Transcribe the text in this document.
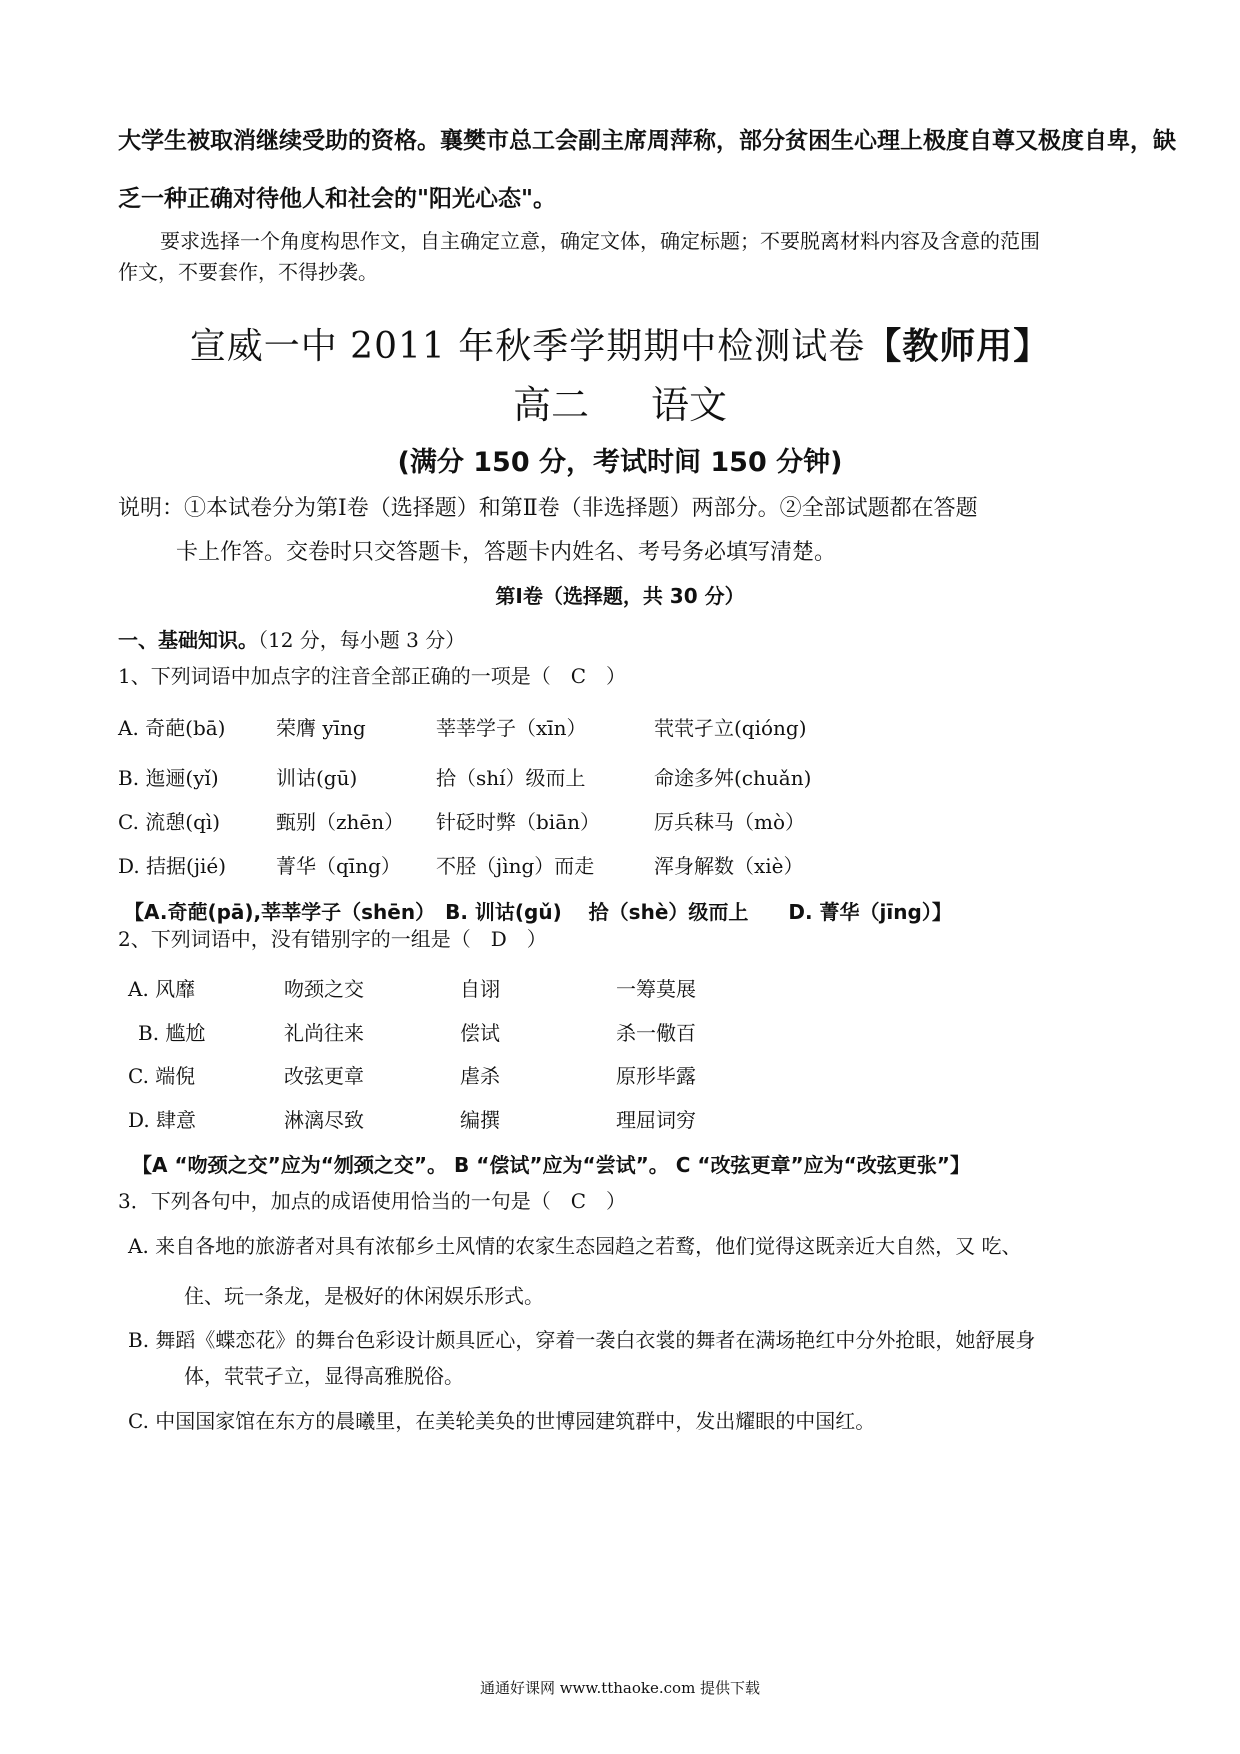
大学生被取消继续受助的资格。襄樊市总工会副主席周萍称，部分贫困生心理上极度自尊又极度自卑，缺
乏一种正确对待他人和社会的"阳光心态"。
要求选择一个角度构思作文，自主确定立意，确定文体，确定标题；不要脱离材料内容及含意的范围
作文，不要套作，不得抄袭。
宣威一中 2011 年秋季学期期中检测试卷【教师用】
高二 语文
(满分 150 分，考试时间 150 分钟)
说明：①本试卷分为第Ⅰ卷（选择题）和第Ⅱ卷（非选择题）两部分。②全部试题都在答题
卡上作答。交卷时只交答题卡，答题卡内姓名、考号务必填写清楚。
第Ⅰ卷（选择题，共 30 分）
一、基础知识。（12 分，每小题 3 分）
1、下列词语中加点字的注音全部正确的一项是（　C　）
A. 奇葩(bā)	荣膺 yīng	莘莘学子（xīn）	茕茕孑立(qióng)
B. 迤逦(yǐ)	训诂(gū)	拾（shí）级而上	命途多舛(chuǎn)
C. 流憩(qì)	甄别（zhēn） 针砭时弊（biān）	厉兵秣马（mò）
D. 拮据(jié) 菁华（qīng） 不胫（jìng）而走	浑身解数（xiè）
【A.奇葩(pā),莘莘学子（shēn）　B. 训诂(gǔ)　 拾（shè）级而上　　D. 菁华（jīng）】
2、下列词语中，没有错别字的一组是（　D　）
A. 风靡	吻颈之交	自诩	一筹莫展
B. 尴尬	礼尚往来	偿试	杀一儆百
C. 端倪	改弦更章	虐杀	原形毕露
D. 肆意	淋漓尽致	编撰	理屈词穷
【A “吻颈之交”应为“刎颈之交”。 B “偿试”应为“尝试”。 C “改弦更章”应为“改弦更张”】
3．下列各句中，加点的成语使用恰当的一句是（　C　）
A. 来自各地的旅游者对具有浓郁乡土风情的农家生态园趋之若鹜，他们觉得这既亲近大自然，又 吃、
住、玩一条龙，是极好的休闲娱乐形式。
B. 舞蹈《蝶恋花》的舞台色彩设计颇具匠心，穿着一袭白衣裳的舞者在满场艳红中分外抢眼，她舒展身
体，茕茕孑立，显得高雅脱俗。
C. 中国国家馆在东方的晨曦里，在美轮美奂的世博园建筑群中，发出耀眼的中国红。
通通好课网 www.tthaoke.com 提供下载
